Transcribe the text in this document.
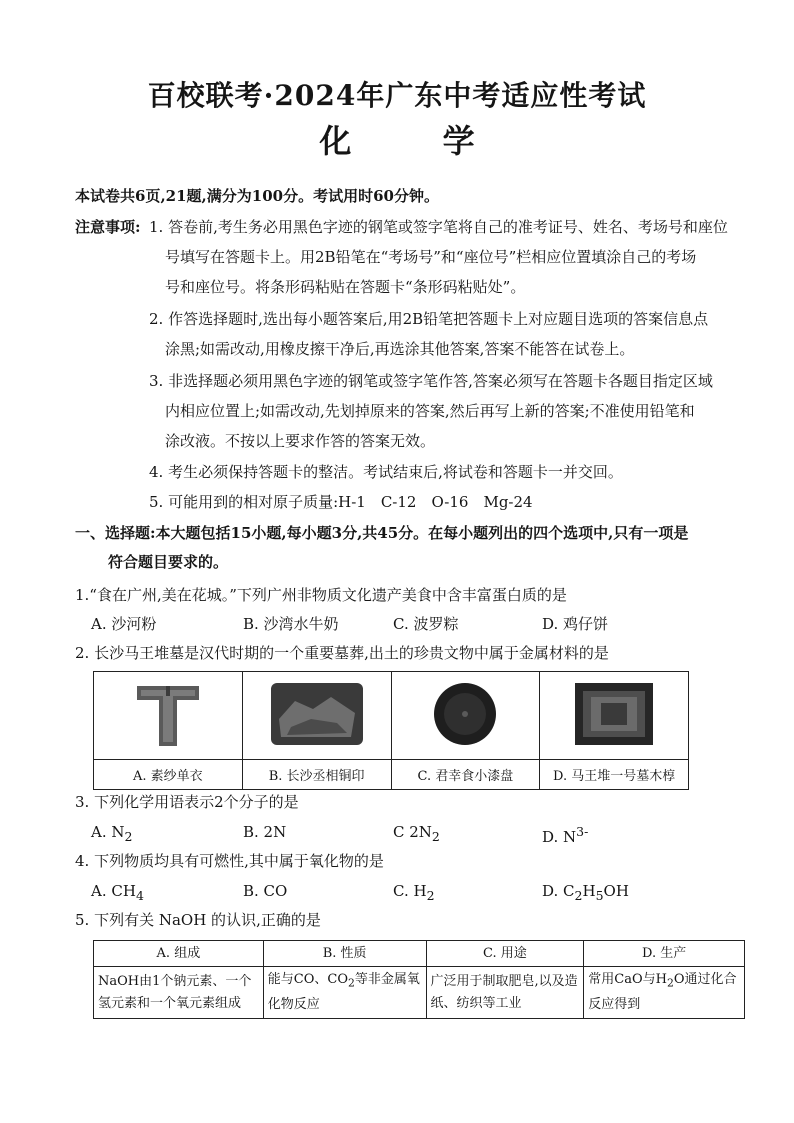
百校联考·2024年广东中考适应性考试
化 学
本试卷共6页,21题,满分为100分。考试用时60分钟。
注意事项: 1. 答卷前,考生务必用黑色字迹的钢笔或签字笔将自己的准考证号、姓名、考场号和座位
号填写在答题卡上。用2B铅笔在“考场号”和“座位号”栏相应位置填涂自己的考场
号和座位号。将条形码粘贴在答题卡“条形码粘贴处”。
2. 作答选择题时,选出每小题答案后,用2B铅笔把答题卡上对应题目选项的答案信息点
涂黑;如需改动,用橡皮擦干净后,再选涂其他答案,答案不能答在试卷上。
3. 非选择题必须用黑色字迹的钢笔或签字笔作答,答案必须写在答题卡各题目指定区域
内相应位置上;如需改动,先划掉原来的答案,然后再写上新的答案;不准使用铅笔和
涂改液。不按以上要求作答的答案无效。
4. 考生必须保持答题卡的整洁。考试结束后,将试卷和答题卡一并交回。
5. 可能用到的相对原子质量:H-1　C-12　O-16　Mg-24
一、选择题:本大题包括15小题,每小题3分,共45分。在每小题列出的四个选项中,只有一项是
符合题目要求的。
1.“食在广州,美在花城。”下列广州非物质文化遗产美食中含丰富蛋白质的是
A. 沙河粉	B. 沙湾水牛奶	C. 波罗粽	D. 鸡仔饼
2. 长沙马王堆墓是汉代时期的一个重要墓葬,出土的珍贵文物中属于金属材料的是

A. 素纱单衣	B. 长沙丞相铜印	C. 君幸食小漆盘	D. 马王堆一号墓木椁
3. 下列化学用语表示2个分子的是
A. $N_2$	B. 2N	C $2N_2$	D. $N^{3-}$
4. 下列物质均具有可燃性,其中属于氧化物的是
A. $CH_4$	B. CO	C. $H_2$	D. $C_2H_5OH$
5. 下列有关 NaOH 的认识,正确的是
A. 组成	B. 性质	C. 用途	D. 生产
NaOH由1个钠元素、一个氢元素和一个氧元素组成	能与CO、$CO_2$等非金属氧化物反应	广泛用于制取肥皂,以及造纸、纺织等工业	常用CaO与$H_2O$通过化合反应得到
